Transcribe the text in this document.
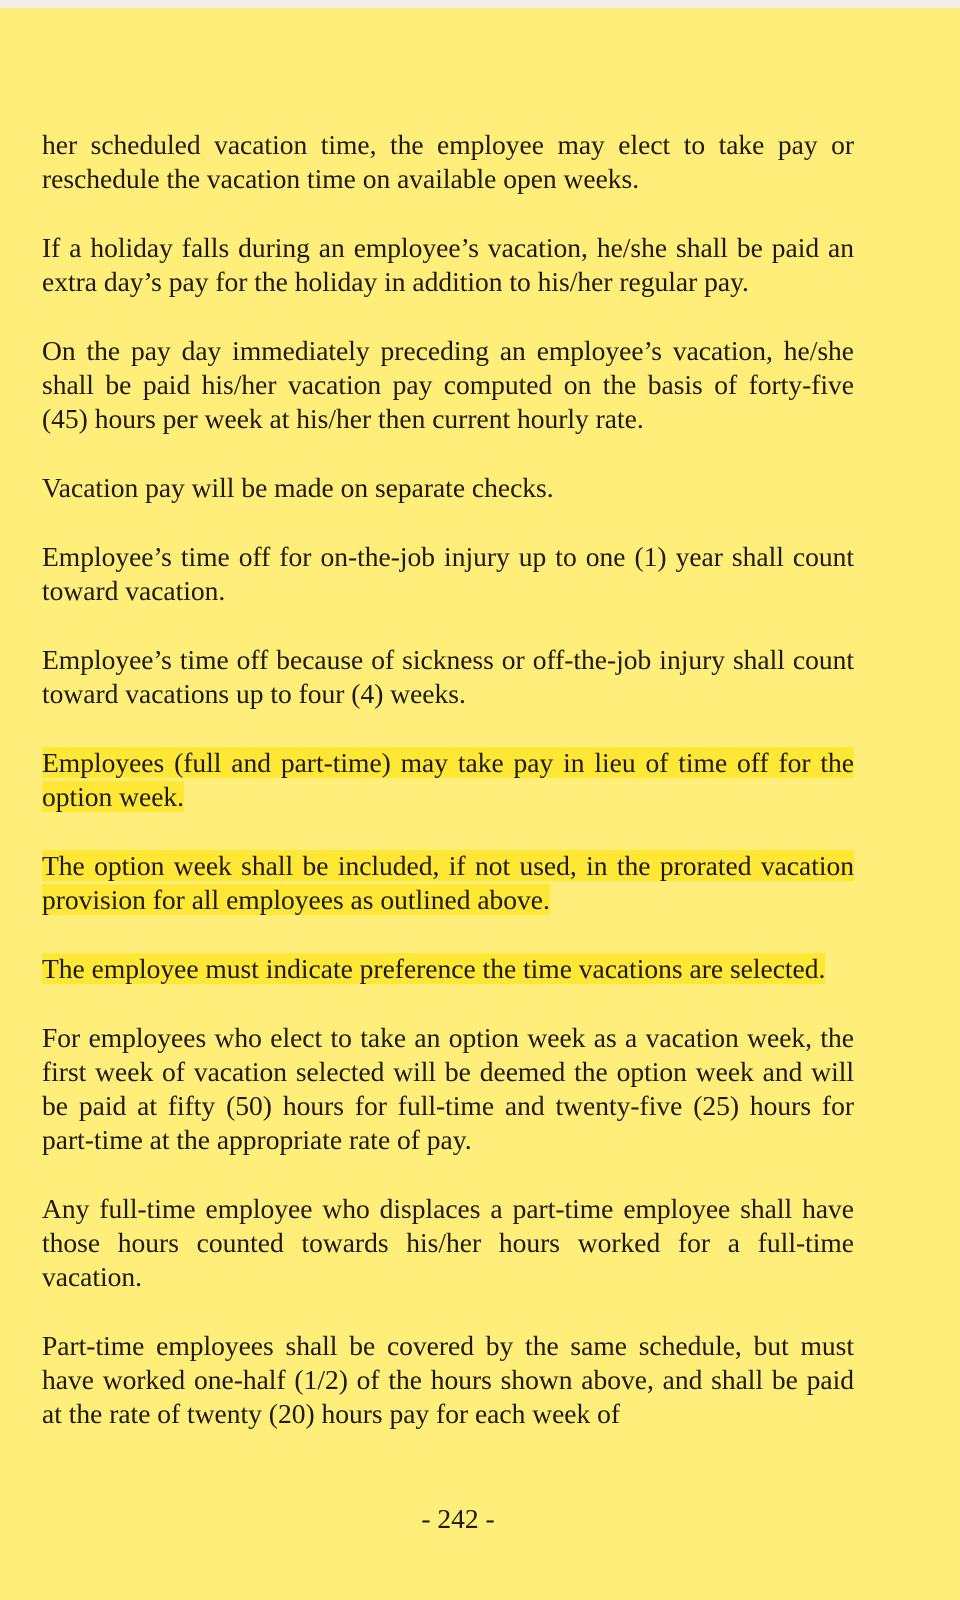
her scheduled vacation time, the employee may elect to take pay or reschedule the vacation time on available open weeks.

If a holiday falls during an employee’s vacation, he/she shall be paid an extra day’s pay for the holiday in addition to his/her regular pay.

On the pay day immediately preceding an employee’s vacation, he/​she shall be paid his/her vacation pay computed on the basis of forty-five (45) hours per week at his/her then current hourly rate.

Vacation pay will be made on separate checks.

Employee’s time off for on-the-job injury up to one (1) year shall count toward vacation.

Employee’s time off because of sickness or off-the-job injury shall count toward vacations up to four (4) weeks.

Employees (full and part-time) may take pay in lieu of time off for the option week.

The option week shall be included, if not used, in the prorated vacation provision for all employees as outlined above.

The employee must indicate preference the time vacations are selected.

For employees who elect to take an option week as a vacation week, the first week of vacation selected will be deemed the option week and will be paid at fifty (50) hours for full-time and twenty-five (25) hours for part-time at the appropriate rate of pay.

Any full-time employee who displaces a part-time employee shall have those hours counted towards his/her hours worked for a full-​time vacation.

Part-time employees shall be covered by the same schedule, but must have worked one-half (1/2) of the hours shown above, and shall be paid at the rate of twenty (20) hours pay for each week of

- 242 -
